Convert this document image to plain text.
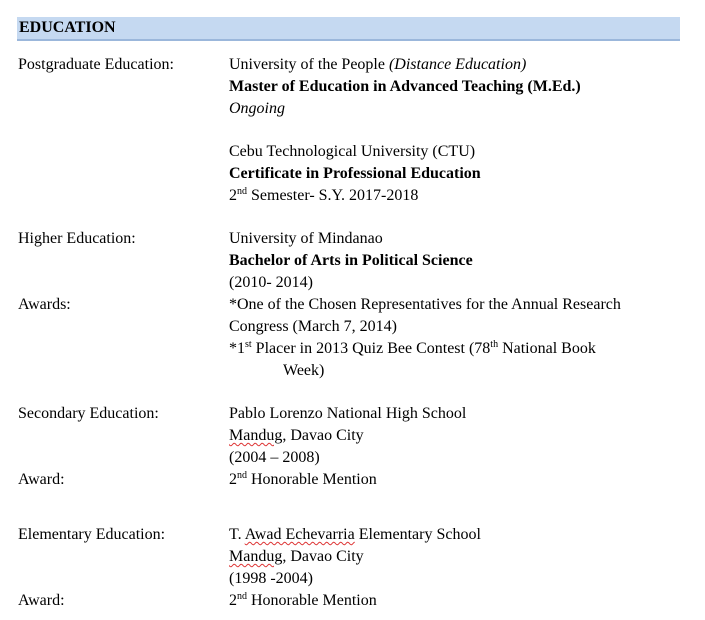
EDUCATION
Postgraduate Education:	University of the People (Distance Education)
Master of Education in Advanced Teaching (M.Ed.)
Ongoing
Cebu Technological University (CTU)
Certificate in Professional Education
2nd Semester- S.Y. 2017-2018
Higher Education:	University of Mindanao
Bachelor of Arts in Political Science
(2010- 2014)
Awards:	*One of the Chosen Representatives for the Annual Research
Congress (March 7, 2014)
*1st Placer in 2013 Quiz Bee Contest (78th National Book
Week)
Secondary Education:	Pablo Lorenzo National High School
Mandug, Davao City
(2004 – 2008)
Award:	2nd Honorable Mention
Elementary Education:	T. Awad Echevarria Elementary School
Mandug, Davao City
(1998 -2004)
Award:	2nd Honorable Mention
